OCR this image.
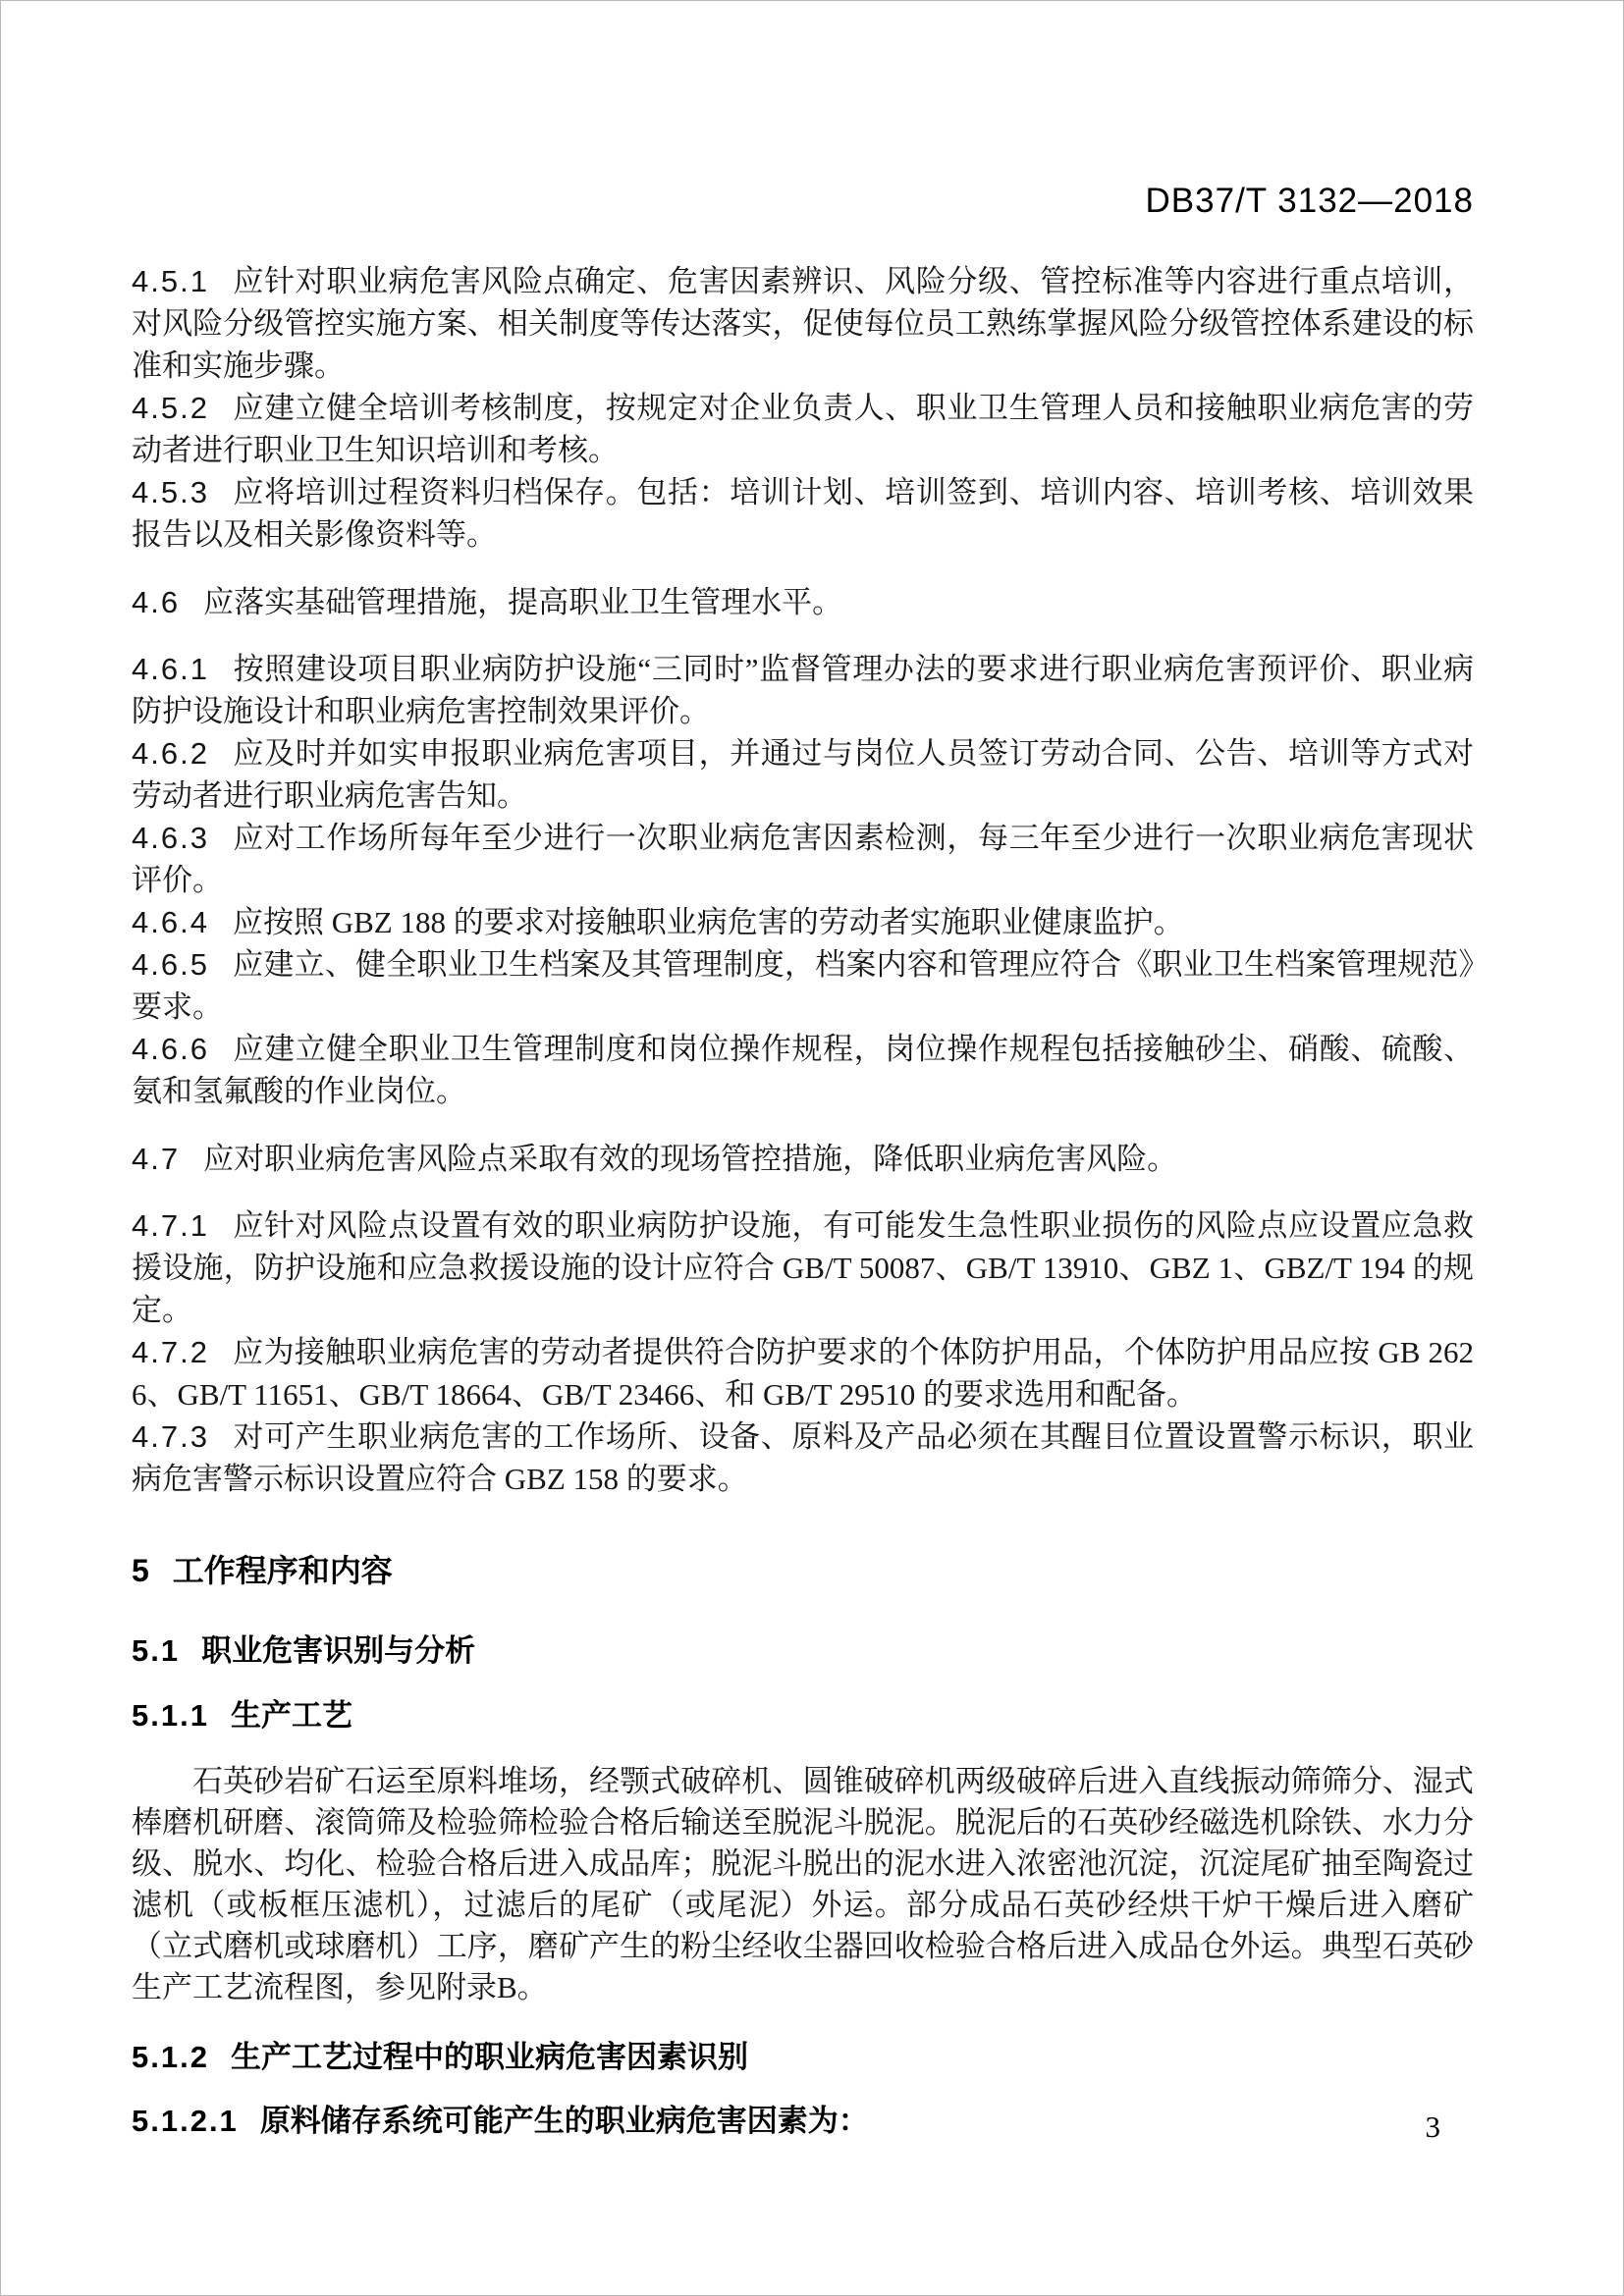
DB37/T 3132—2018

4.5.1 应针对职业病危害风险点确定、危害因素辨识、风险分级、管控标准等内容进行重点培训，对风险分级管控实施方案、相关制度等传达落实，促使每位员工熟练掌握风险分级管控体系建设的标准和实施步骤。

4.5.2 应建立健全培训考核制度，按规定对企业负责人、职业卫生管理人员和接触职业病危害的劳动者进行职业卫生知识培训和考核。

4.5.3 应将培训过程资料归档保存。包括：培训计划、培训签到、培训内容、培训考核、培训效果报告以及相关影像资料等。

4.6 应落实基础管理措施，提高职业卫生管理水平。

4.6.1 按照建设项目职业病防护设施“三同时”监督管理办法的要求进行职业病危害预评价、职业病防护设施设计和职业病危害控制效果评价。

4.6.2 应及时并如实申报职业病危害项目，并通过与岗位人员签订劳动合同、公告、培训等方式对劳动者进行职业病危害告知。

4.6.3 应对工作场所每年至少进行一次职业病危害因素检测，每三年至少进行一次职业病危害现状评价。

4.6.4 应按照 GBZ 188 的要求对接触职业病危害的劳动者实施职业健康监护。

4.6.5 应建立、健全职业卫生档案及其管理制度，档案内容和管理应符合《职业卫生档案管理规范》要求。

4.6.6 应建立健全职业卫生管理制度和岗位操作规程，岗位操作规程包括接触砂尘、硝酸、硫酸、氨和氢氟酸的作业岗位。

4.7 应对职业病危害风险点采取有效的现场管控措施，降低职业病危害风险。

4.7.1 应针对风险点设置有效的职业病防护设施，有可能发生急性职业损伤的风险点应设置应急救援设施，防护设施和应急救援设施的设计应符合 GB/T 50087、GB/T 13910、GBZ 1、GBZ/T 194 的规定。

4.7.2 应为接触职业病危害的劳动者提供符合防护要求的个体防护用品，个体防护用品应按 GB 2626、GB/T 11651、GB/T 18664、GB/T 23466、和 GB/T 29510 的要求选用和配备。

4.7.3 对可产生职业病危害的工作场所、设备、原料及产品必须在其醒目位置设置警示标识，职业病危害警示标识设置应符合 GBZ 158 的要求。

5 工作程序和内容
5.1 职业危害识别与分析
5.1.1 生产工艺

石英砂岩矿石运至原料堆场，经颚式破碎机、圆锥破碎机两级破碎后进入直线振动筛筛分、湿式棒磨机研磨、滚筒筛及检验筛检验合格后输送至脱泥斗脱泥。脱泥后的石英砂经磁选机除铁、水力分级、脱水、均化、检验合格后进入成品库；脱泥斗脱出的泥水进入浓密池沉淀，沉淀尾矿抽至陶瓷过滤机（或板框压滤机），过滤后的尾矿（或尾泥）外运。部分成品石英砂经烘干炉干燥后进入磨矿（立式磨机或球磨机）工序，磨矿产生的粉尘经收尘器回收检验合格后进入成品仓外运。典型石英砂生产工艺流程图，参见附录B。

5.1.2 生产工艺过程中的职业病危害因素识别
5.1.2.1 原料储存系统可能产生的职业病危害因素为：	3
